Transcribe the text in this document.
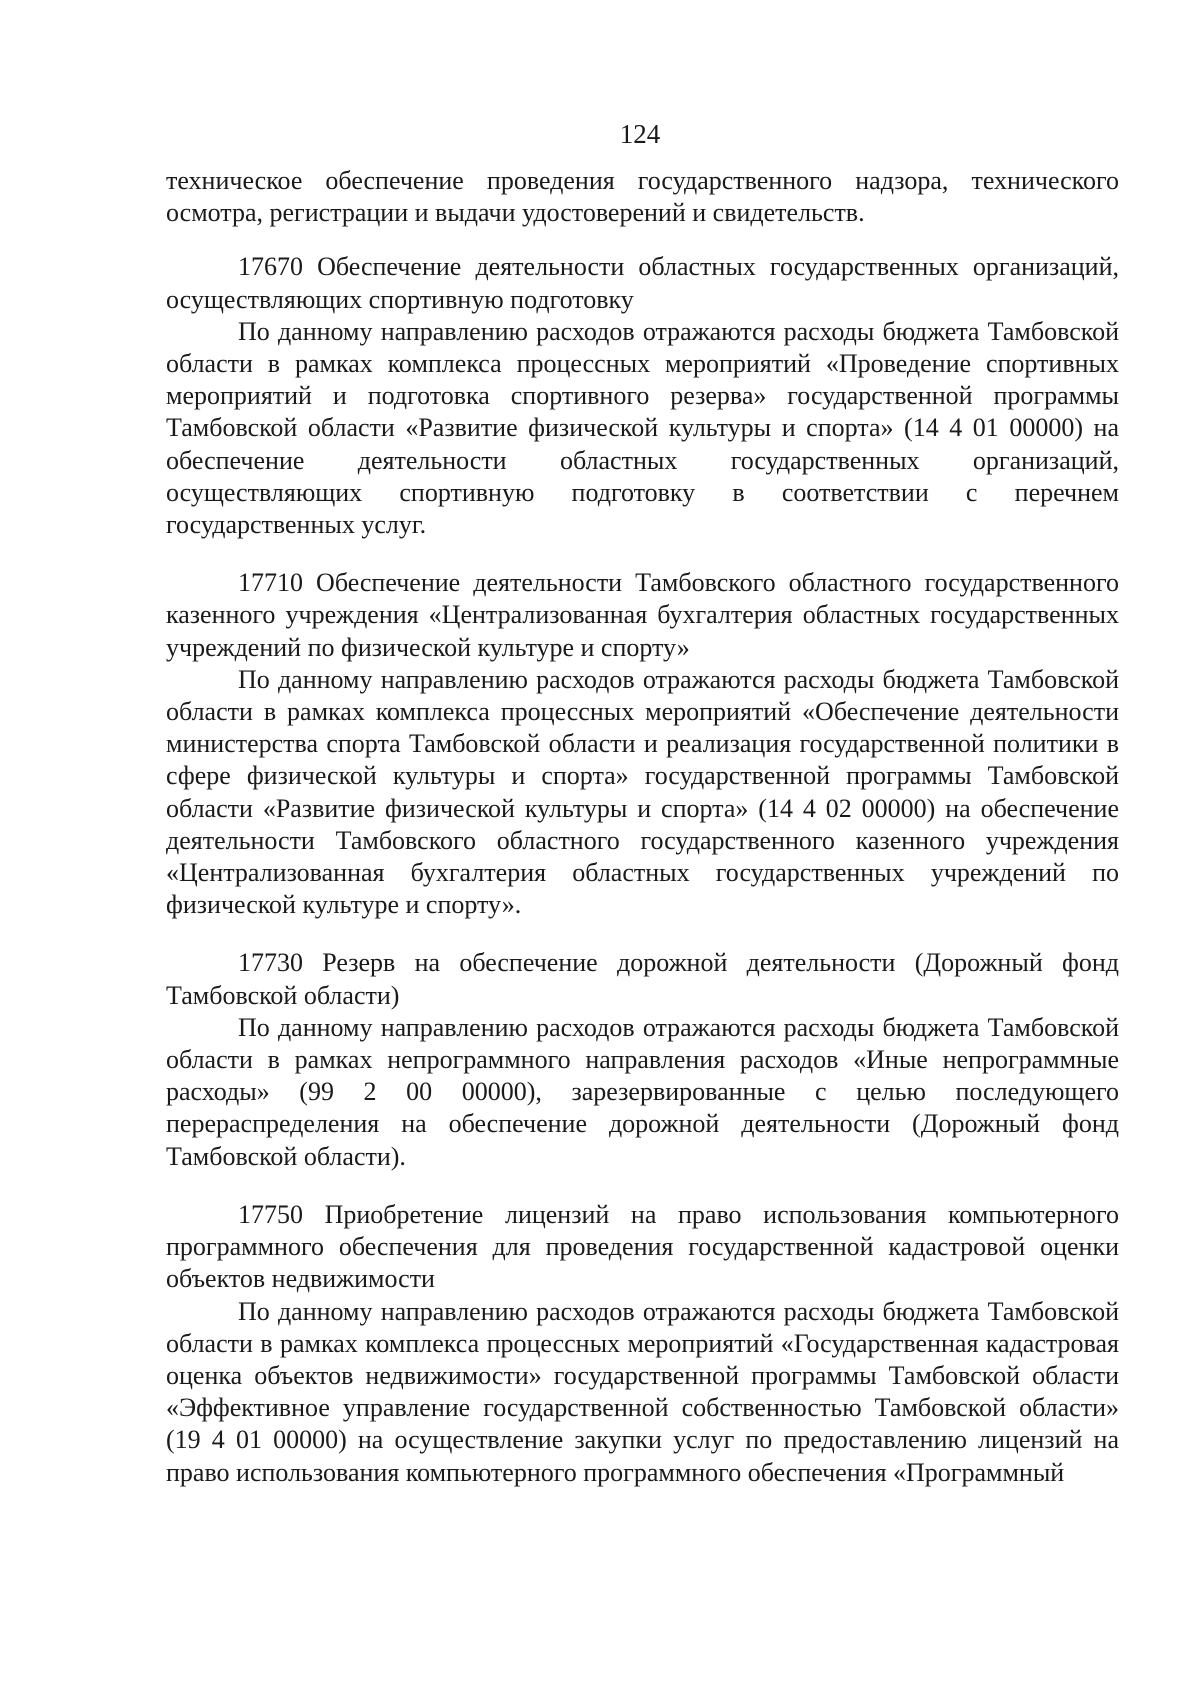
124

техническое обеспечение проведения государственного надзора, технического осмотра, регистрации и выдачи удостоверений и свидетельств.

17670 Обеспечение деятельности областных государственных организаций, осуществляющих спортивную подготовку

По данному направлению расходов отражаются расходы бюджета Тамбовской области в рамках комплекса процессных мероприятий «Проведение спортивных мероприятий и подготовка спортивного резерва» государственной программы Тамбовской области «Развитие физической культуры и спорта» (14 4 01 00000) на обеспечение деятельности областных государственных организаций, осуществляющих спортивную подготовку в соответствии с перечнем государственных услуг.

17710 Обеспечение деятельности Тамбовского областного государственного казенного учреждения «Централизованная бухгалтерия областных государственных учреждений по физической культуре и спорту»

По данному направлению расходов отражаются расходы бюджета Тамбовской области в рамках комплекса процессных мероприятий «Обеспечение деятельности министерства спорта Тамбовской области и реализация государственной политики в сфере физической культуры и спорта» государственной программы Тамбовской области «Развитие физической культуры и спорта» (14 4 02 00000) на обеспечение деятельности Тамбовского областного государственного казенного учреждения «Централизованная бухгалтерия областных государственных учреждений по физической культуре и спорту».

17730 Резерв на обеспечение дорожной деятельности (Дорожный фонд Тамбовской области)

По данному направлению расходов отражаются расходы бюджета Тамбовской области в рамках непрограммного направления расходов «Иные непрограммные расходы» (99 2 00 00000), зарезервированные с целью последующего перераспределения на обеспечение дорожной деятельности (Дорожный фонд Тамбовской области).

17750 Приобретение лицензий на право использования компьютерного программного обеспечения для проведения государственной кадастровой оценки объектов недвижимости

По данному направлению расходов отражаются расходы бюджета Тамбовской области в рамках комплекса процессных мероприятий «Государственная кадастровая оценка объектов недвижимости» государственной программы Тамбовской области «Эффективное управление государственной собственностью Тамбовской области» (19 4 01 00000) на осуществление закупки услуг по предоставлению лицензий на право использования компьютерного программного обеспечения «Программный
